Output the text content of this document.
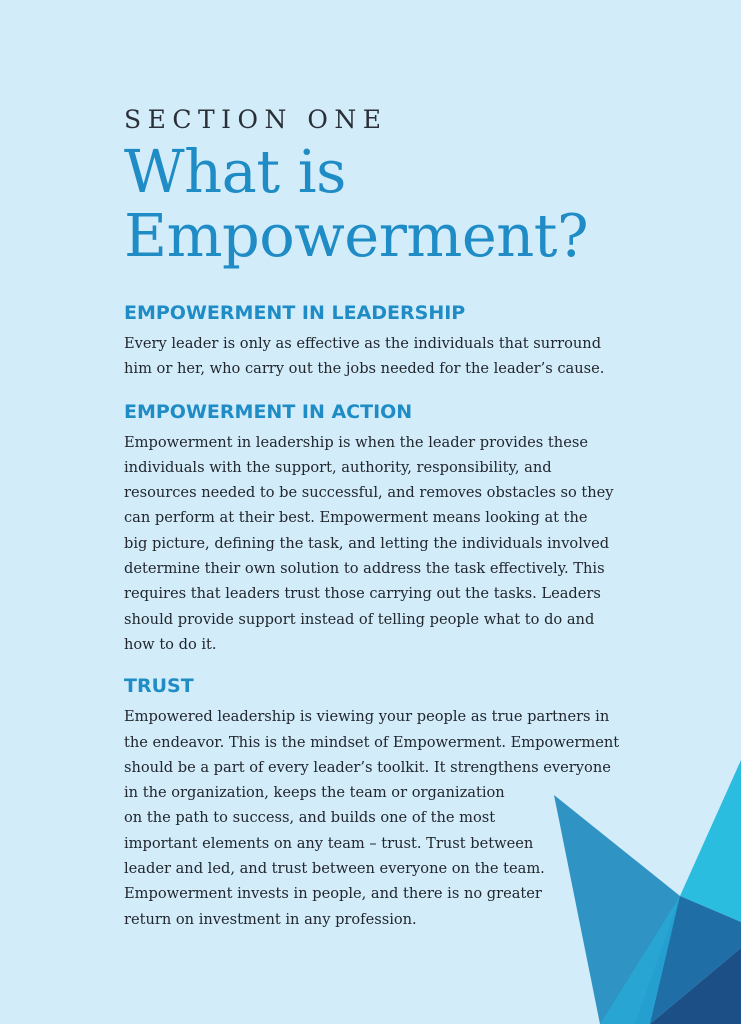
SECTION ONE

What is
Empowerment?
EMPOWERMENT IN LEADERSHIP

Every leader is only as effective as the individuals that surround
him or her, who carry out the jobs needed for the leader’s cause.

EMPOWERMENT IN ACTION

Empowerment in leadership is when the leader provides these
individuals with the support, authority, responsibility, and
resources needed to be successful, and removes obstacles so they
can perform at their best. Empowerment means looking at the
big picture, defining the task, and letting the individuals involved
determine their own solution to address the task effectively. This
requires that leaders trust those carrying out the tasks. Leaders
should provide support instead of telling people what to do and
how to do it.

TRUST

Empowered leadership is viewing your people as true partners in
the endeavor. This is the mindset of Empowerment. Empowerment
should be a part of every leader’s toolkit. It strengthens everyone
in the organization, keeps the team or organization
on the path to success, and builds one of the most
important elements on any team – trust. Trust between
leader and led, and trust between everyone on the team.
Empowerment invests in people, and there is no greater
return on investment in any profession.
